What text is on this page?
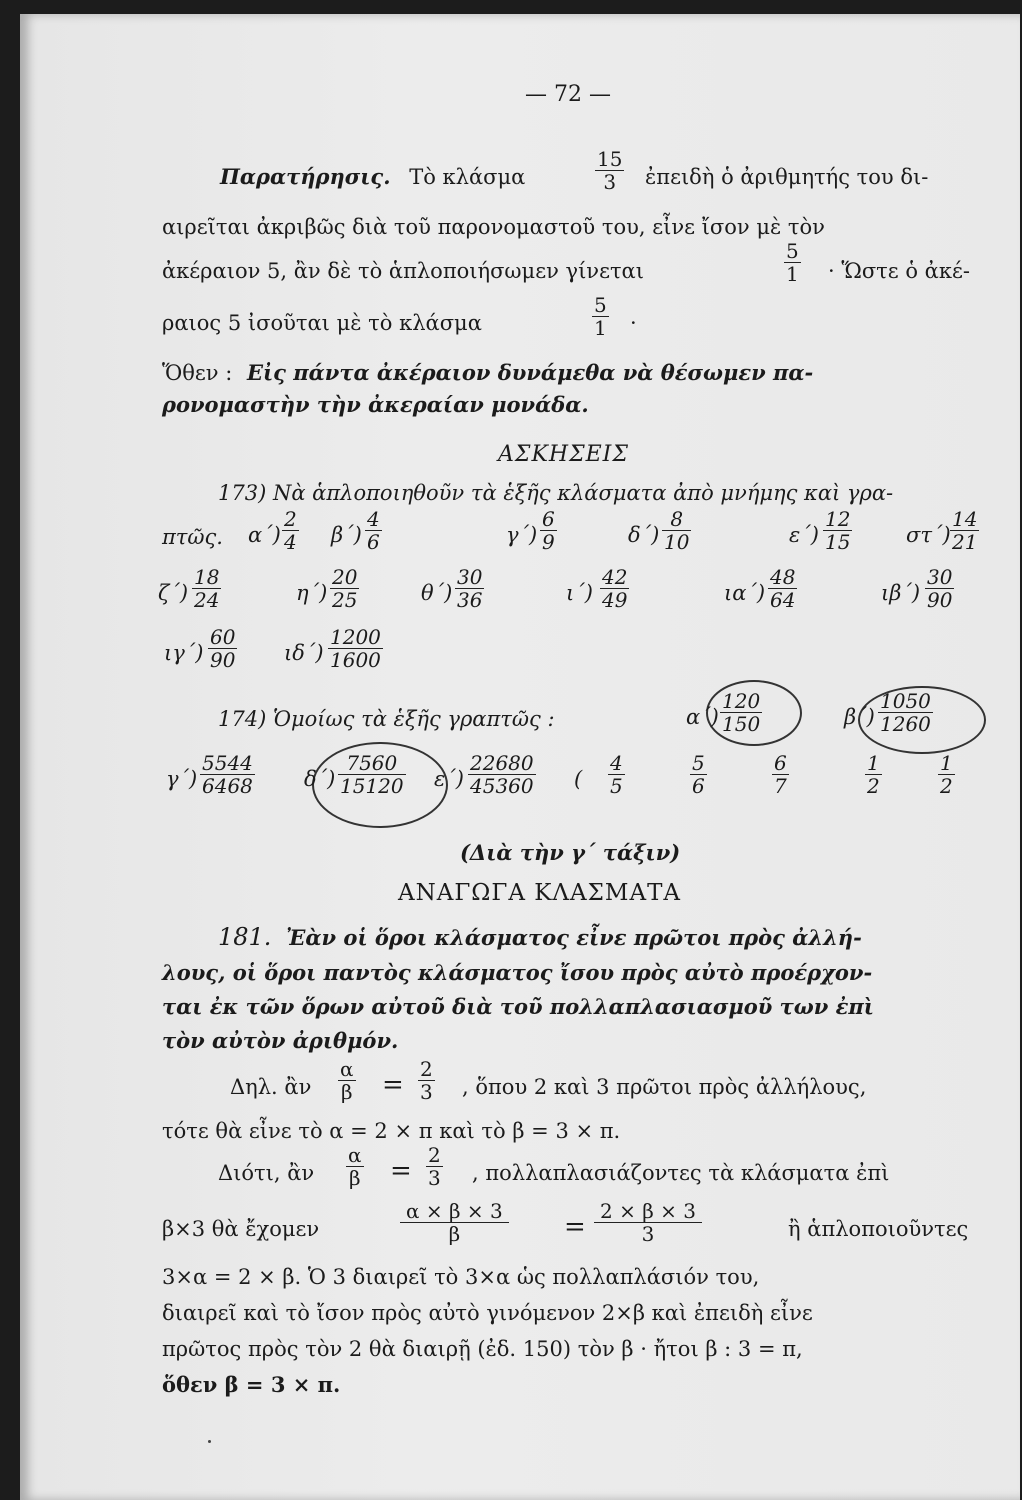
— 72 —
Παρατήρησις. Τὸ κλάσμα	$\frac{15}{3}$ ἐπειδὴ ὁ ἀριθμητής του δι-
αιρεῖται ἀκριβῶς διὰ τοῦ παρονομαστοῦ του, εἶνε ἴσον μὲ τὸν
ἀκέραιον 5, ἂν δὲ τὸ ἁπλοποιήσωμεν γίνεται	$\frac{5}{1}$ · Ὥστε ὁ ἀκέ-
ραιος 5 ἰσοῦται μὲ τὸ κλάσμα	$\frac{5}{1}$ ·
Ὅθεν : Εἰς πάντα ἀκέραιον δυνάμεθα νὰ θέσωμεν πα-
ρονομαστὴν τὴν ἀκεραίαν μονάδα.
ΑΣΚΗΣΕΙΣ
173) Νὰ ἁπλοποιηθοῦν τὰ ἑξῆς κλάσματα ἀπὸ μνήμης καὶ γρα-
πτῶς.
174) Ὁμοίως τὰ ἑξῆς γραπτῶς :
(Διὰ τὴν γ΄ τάξιν)
ΑΝΑΓΩΓΑ ΚΛΑΣΜΑΤΑ
181. Ἐὰν οἱ ὅροι κλάσματος εἶνε πρῶτοι πρὸς ἀλλή-
λους, οἱ ὅροι παντὸς κλάσματος ἴσου πρὸς αὐτὸ προέρχον-
ται ἐκ τῶν ὅρων αὐτοῦ διὰ τοῦ πολλαπλασιασμοῦ των ἐπὶ
τὸν αὐτὸν ἀριθμόν.
Δηλ. ἂν $\frac{\alpha}{\beta} = \frac{2}{3}$ , ὅπου 2 καὶ 3 πρῶτοι πρὸς ἀλλήλους,
τότε θὰ εἶνε τὸ α = 2 × π καὶ τὸ β = 3 × π.
Διότι, ἂν $\frac{\alpha}{\beta} = \frac{2}{3}$ , πολλαπλασιάζοντες τὰ κλάσματα ἐπὶ
β×3 θὰ ἔχομεν	$\frac{\alpha \times \beta \times 3}{\beta} = \frac{2 \times \beta \times 3}{3}$	ἢ ἁπλοποιοῦντες
3×α = 2 × β. Ὁ 3 διαιρεῖ τὸ 3×α ὡς πολλαπλάσιόν του,
διαιρεῖ καὶ τὸ ἴσον πρὸς αὐτὸ γινόμενον 2×β καὶ ἐπειδὴ εἶνε
πρῶτος πρὸς τὸν 2 θὰ διαιρῇ (ἐδ. 150) τὸν β · ἤτοι β : 3 = π,
ὅθεν β = 3 × π.
$\alpha΄) \frac{2}{4} \beta΄) \frac{4}{6}$	$\gamma΄) \frac{6}{9}$	$\delta΄) \frac{8}{10}$	$\varepsilon΄) \frac{12}{15}$	$\sigma\tau΄) \frac{14}{21}$
$\zeta΄) \frac{18}{24}$	$\eta΄) \frac{20}{25}$	$\theta΄) \frac{30}{36}$	$\iota΄) \frac{42}{49}$	$\iota\alpha΄) \frac{48}{64}$	$\iota\beta΄) \frac{30}{90}$
$\iota\gamma΄) \frac{60}{90} \iota\delta΄) \frac{1200}{1600}$
$\alpha΄) \frac{120}{150}$	$\beta΄) \frac{1050}{1260}$
$\gamma΄) \frac{5544}{6468} \delta΄) \frac{7560}{15120} \varepsilon΄) \frac{22680}{45360}$ ( $\frac{4}{5}$	$\frac{5}{6}$	$\frac{6}{7}$	$\frac{1}{2}$	$\frac{1}{2}$
